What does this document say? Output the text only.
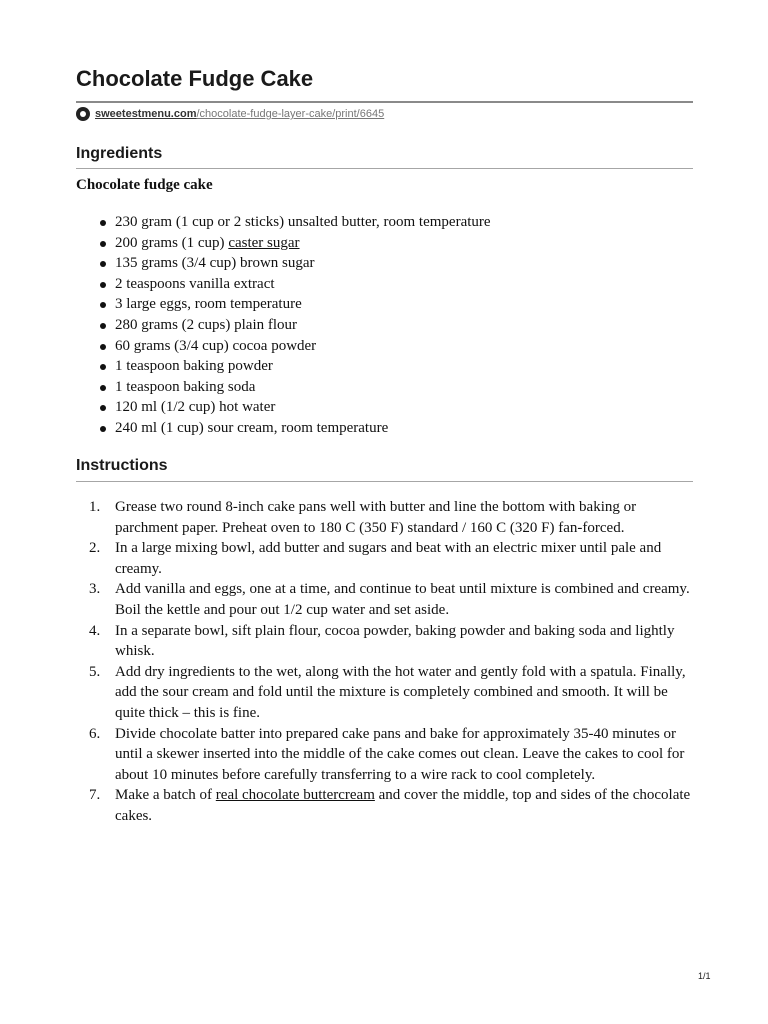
Chocolate Fudge Cake
sweetestmenu.com /chocolate-fudge-layer-cake/print/6645
Ingredients
Chocolate fudge cake
230 gram (1 cup or 2 sticks) unsalted butter, room temperature
200 grams (1 cup) caster sugar
135 grams (3/4 cup) brown sugar
2 teaspoons vanilla extract
3 large eggs, room temperature
280 grams (2 cups) plain flour
60 grams (3/4 cup) cocoa powder
1 teaspoon baking powder
1 teaspoon baking soda
120 ml (1/2 cup) hot water
240 ml (1 cup) sour cream, room temperature
Instructions
1. Grease two round 8-inch cake pans well with butter and line the bottom with baking or parchment paper. Preheat oven to 180 C (350 F) standard / 160 C (320 F) fan-forced.
2. In a large mixing bowl, add butter and sugars and beat with an electric mixer until pale and creamy.
3. Add vanilla and eggs, one at a time, and continue to beat until mixture is combined and creamy. Boil the kettle and pour out 1/2 cup water and set aside.
4. In a separate bowl, sift plain flour, cocoa powder, baking powder and baking soda and lightly whisk.
5. Add dry ingredients to the wet, along with the hot water and gently fold with a spatula. Finally, add the sour cream and fold until the mixture is completely combined and smooth. It will be quite thick – this is fine.
6. Divide chocolate batter into prepared cake pans and bake for approximately 35-40 minutes or until a skewer inserted into the middle of the cake comes out clean. Leave the cakes to cool for about 10 minutes before carefully transferring to a wire rack to cool completely.
7. Make a batch of real chocolate buttercream and cover the middle, top and sides of the chocolate cakes.
1/1
